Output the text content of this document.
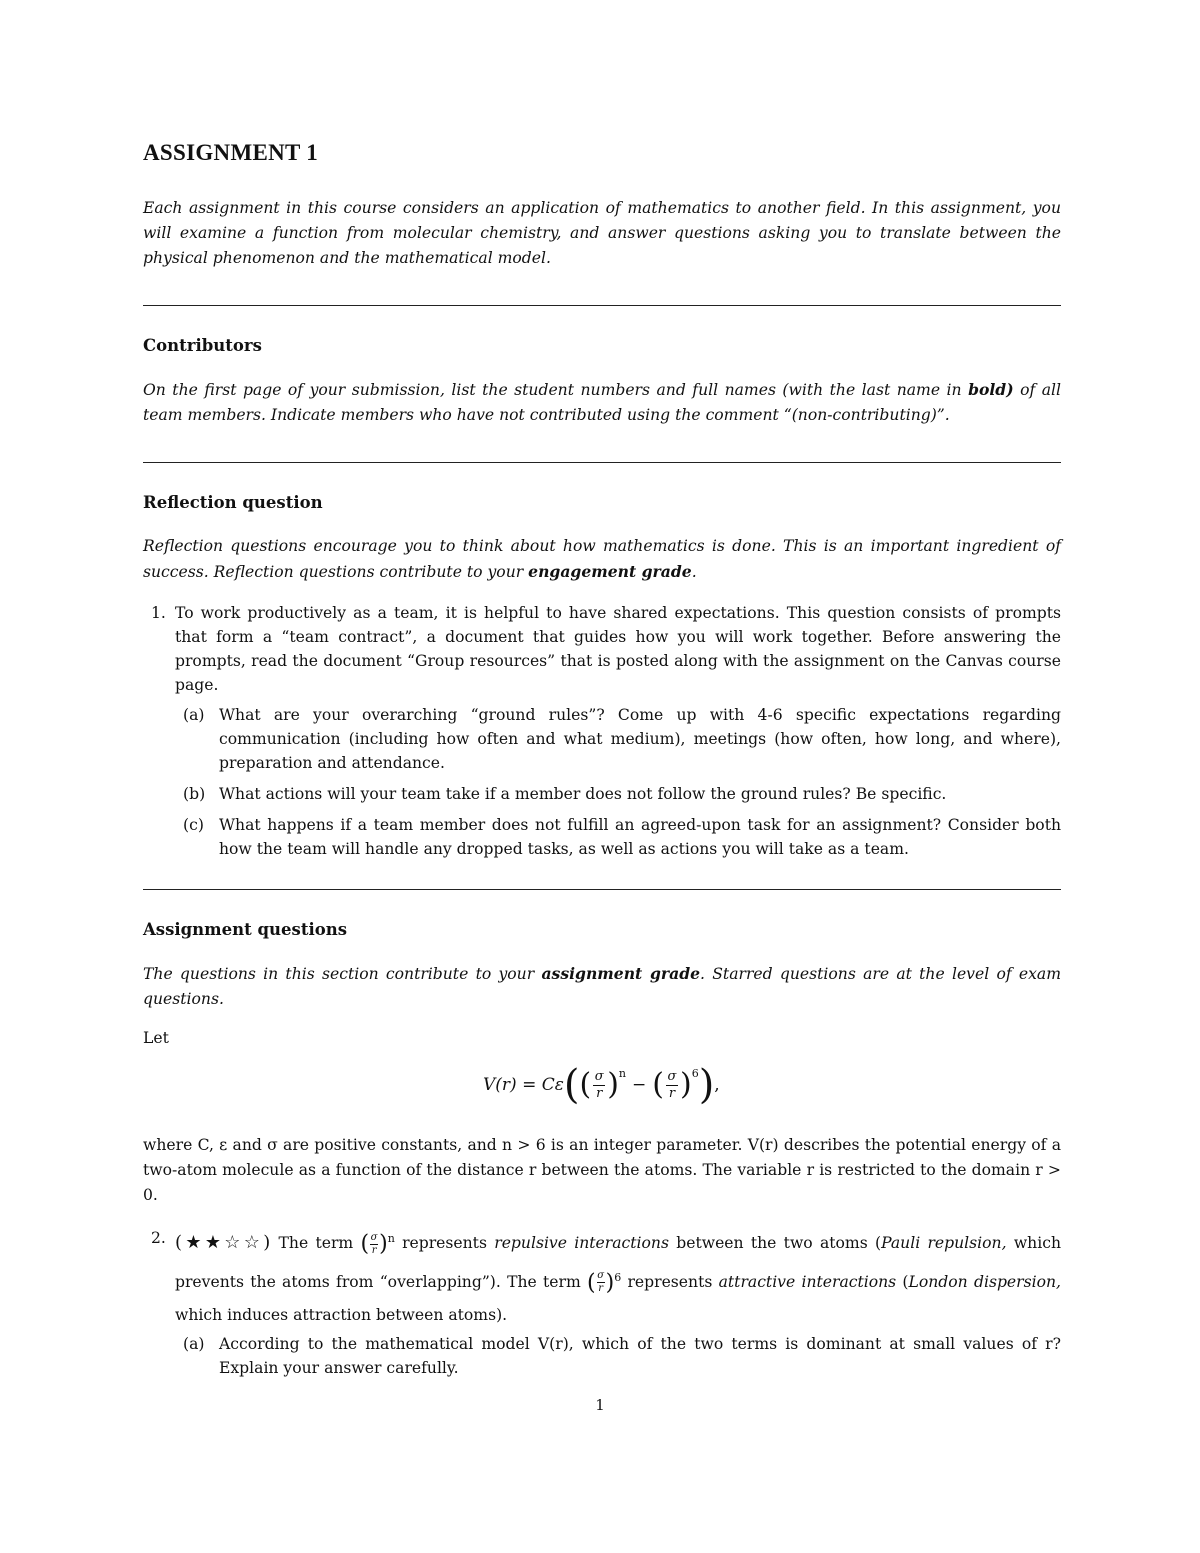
ASSIGNMENT 1

Each assignment in this course considers an application of mathematics to another field. In this assignment, you will examine a function from molecular chemistry, and answer questions asking you to translate between the physical phenomenon and the mathematical model.

Contributors

On the first page of your submission, list the student numbers and full names (with the last name in bold) of all team members. Indicate members who have not contributed using the comment “(non-contributing)”.

Reflection question

Reflection questions encourage you to think about how mathematics is done. This is an important ingredient of success. Reflection questions contribute to your engagement grade.

1. To work productively as a team, it is helpful to have shared expectations. This question consists of prompts that form a “team contract”, a document that guides how you will work together. Before answering the prompts, read the document “Group resources” that is posted along with the assignment on the Canvas course page.
(a) What are your overarching “ground rules”? Come up with 4-6 specific expectations regarding communication (including how often and what medium), meetings (how often, how long, and where), preparation and attendance.
(b) What actions will your team take if a member does not follow the ground rules? Be specific.
(c) What happens if a team member does not fulfill an agreed-upon task for an assignment? Consider both how the team will handle any dropped tasks, as well as actions you will take as a team.
Assignment questions

The questions in this section contribute to your assignment grade. Starred questions are at the level of exam questions.

Let

V(r) = Cε ( ( $\frac{\sigma}{r}$ ) n
− ( $\frac{\sigma}{r}$ ) 6 ) ,

where C, ε and σ are positive constants, and n > 6 is an integer parameter. V(r) describes the potential energy of a two-atom molecule as a function of the distance r between the atoms. The variable r is restricted to the domain r > 0.

2. (★★☆☆) The term ( $\frac{\sigma}{r} )^n$ represents repulsive interactions between the two atoms (Pauli repulsion, which prevents the atoms from “overlapping”). The term ( $\frac{\sigma}{r} )^6$ represents attractive interactions (London dispersion, which induces attraction between atoms).
(a) According to the mathematical model V(r), which of the two terms is dominant at small values of r? Explain your answer carefully.
1
